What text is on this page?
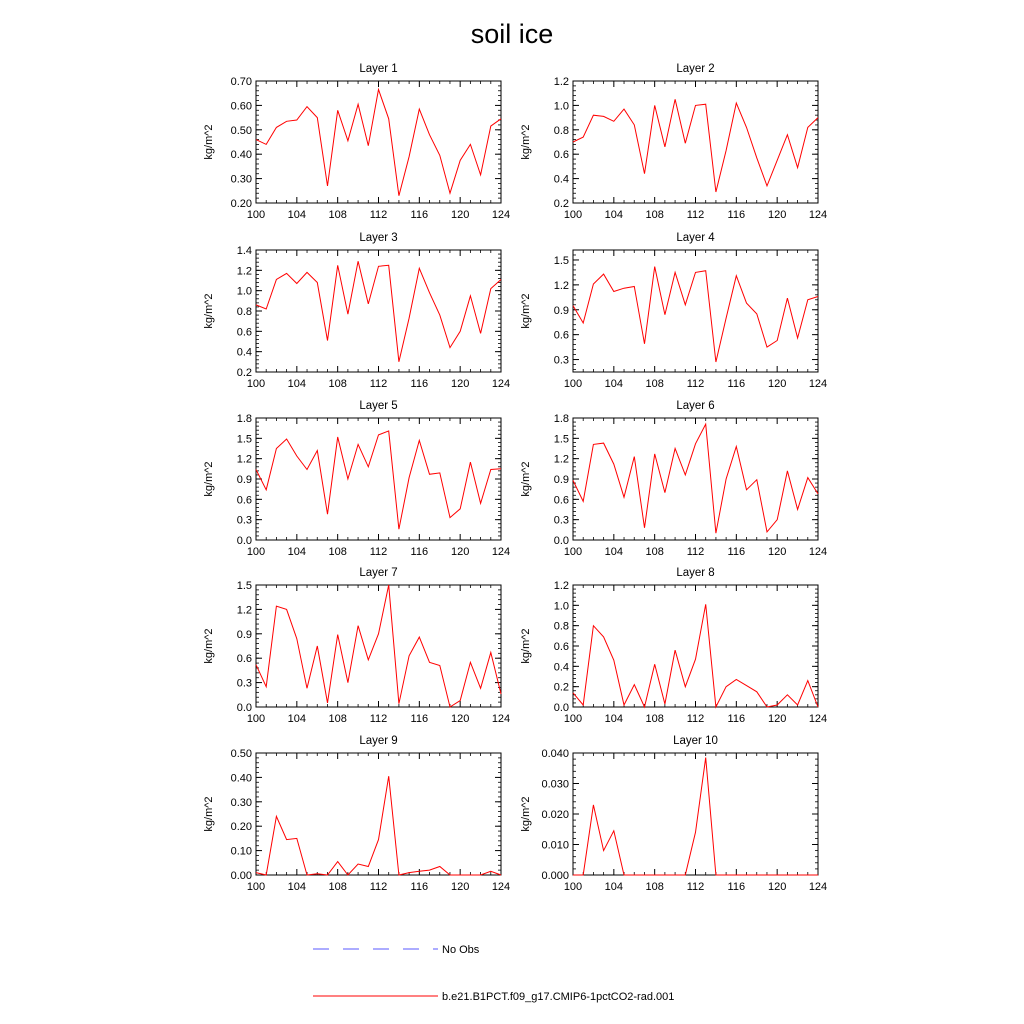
soil ice
Layer 1
100 104 108 112 116 120 124
0.20
0.30
0.40
0.50
0.60
0.70
kg/m^2
Layer 2
100 104 108 112 116 120 124
0.2
0.4
0.6
0.8
1.0
1.2
kg/m^2
Layer 3
100 104 108 112 116 120 124
0.2
0.4
0.6
0.8
1.0
1.2
1.4
kg/m^2
Layer 4
100 104 108 112 116 120 124
0.3
0.6
0.9
1.2
1.5
kg/m^2
Layer 5
100 104 108 112 116 120 124
0.0
0.3
0.6
0.9
1.2
1.5
1.8
kg/m^2
Layer 6
100 104 108 112 116 120 124
0.0
0.3
0.6
0.9
1.2
1.5
1.8
kg/m^2
Layer 7
100 104 108 112 116 120 124
0.0
0.3
0.6
0.9
1.2
1.5
kg/m^2
Layer 8
100 104 108 112 116 120 124
0.0
0.2
0.4
0.6
0.8
1.0
1.2
kg/m^2
Layer 9
100 104 108 112 116 120 124
0.00
0.10
0.20
0.30
0.40
0.50
kg/m^2
Layer 10
100 104 108 112 116 120 124
0.000
0.010
0.020
0.030
0.040
kg/m^2
No Obs
b.e21.B1PCT.f09_g17.CMIP6-1pctCO2-rad.001
